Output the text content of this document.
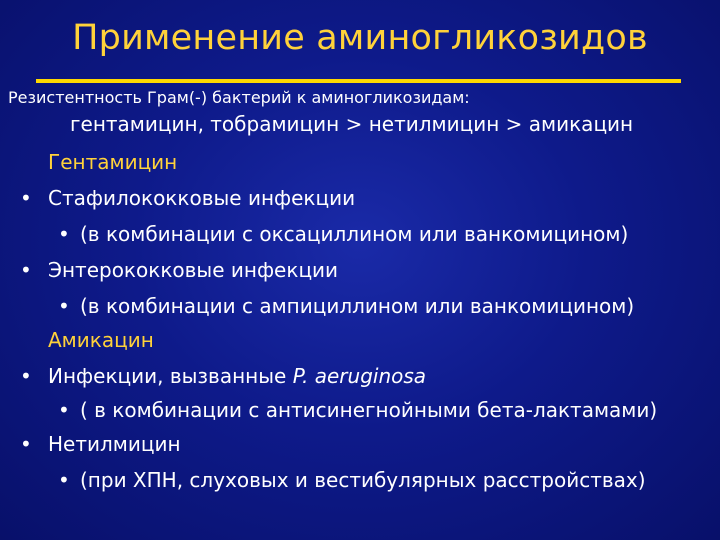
Применение аминогликозидов
Резистентность Грам(-) бактерий к аминогликозидам:
гентамицин, тобрамицин > нетилмицин > амикацин
Гентамицин
• Стафилококковые инфекции
• (в комбинации с оксациллином или ванкомицином)
• Энтерококковые инфекции
• (в комбинации с ампициллином или ванкомицином)
Амикацин
• Инфекции, вызванные P. aeruginosa
• ( в комбинации с антисинегнойными бета-лактамами)
• Нетилмицин
• (при ХПН, слуховых и вестибулярных расстройствах)
